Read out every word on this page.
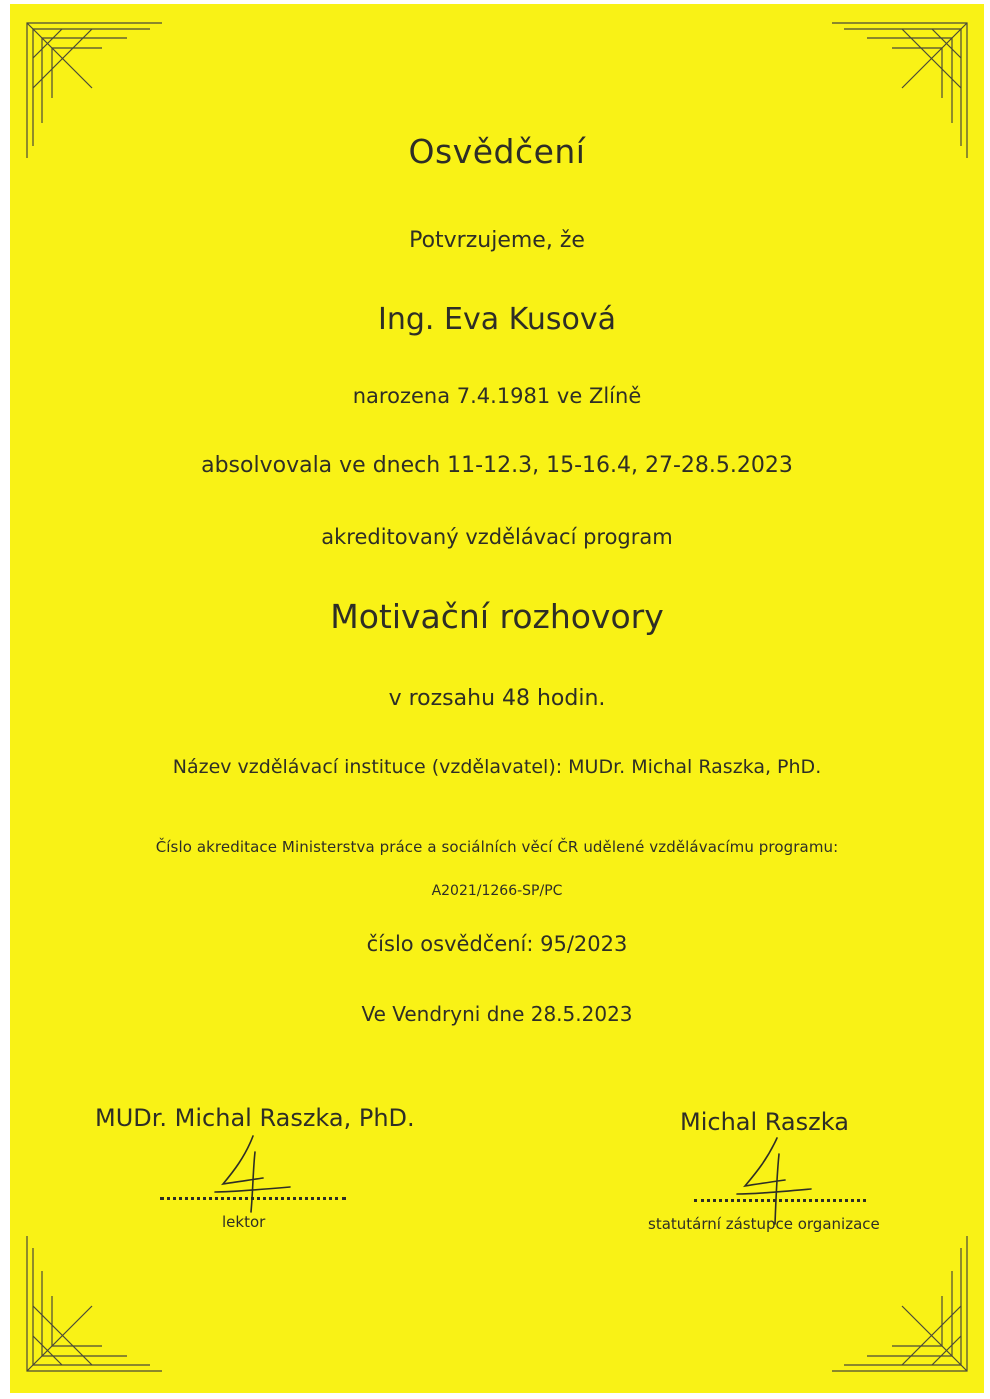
Osvědčení
Potvrzujeme, že
Ing. Eva Kusová
narozena 7.4.1981 ve Zlíně
absolvovala ve dnech 11-12.3, 15-16.4, 27-28.5.2023
akreditovaný vzdělávací program
Motivační rozhovory
v rozsahu 48 hodin.
Název vzdělávací instituce (vzdělavatel): MUDr. Michal Raszka, PhD.
Číslo akreditace Ministerstva práce a sociálních věcí ČR udělené vzdělávacímu programu:
A2021/1266-SP/PC
číslo osvědčení: 95/2023
Ve Vendryni dne 28.5.2023
MUDr. Michal Raszka, PhD.
lektor
Michal Raszka
statutární zástupce organizace
